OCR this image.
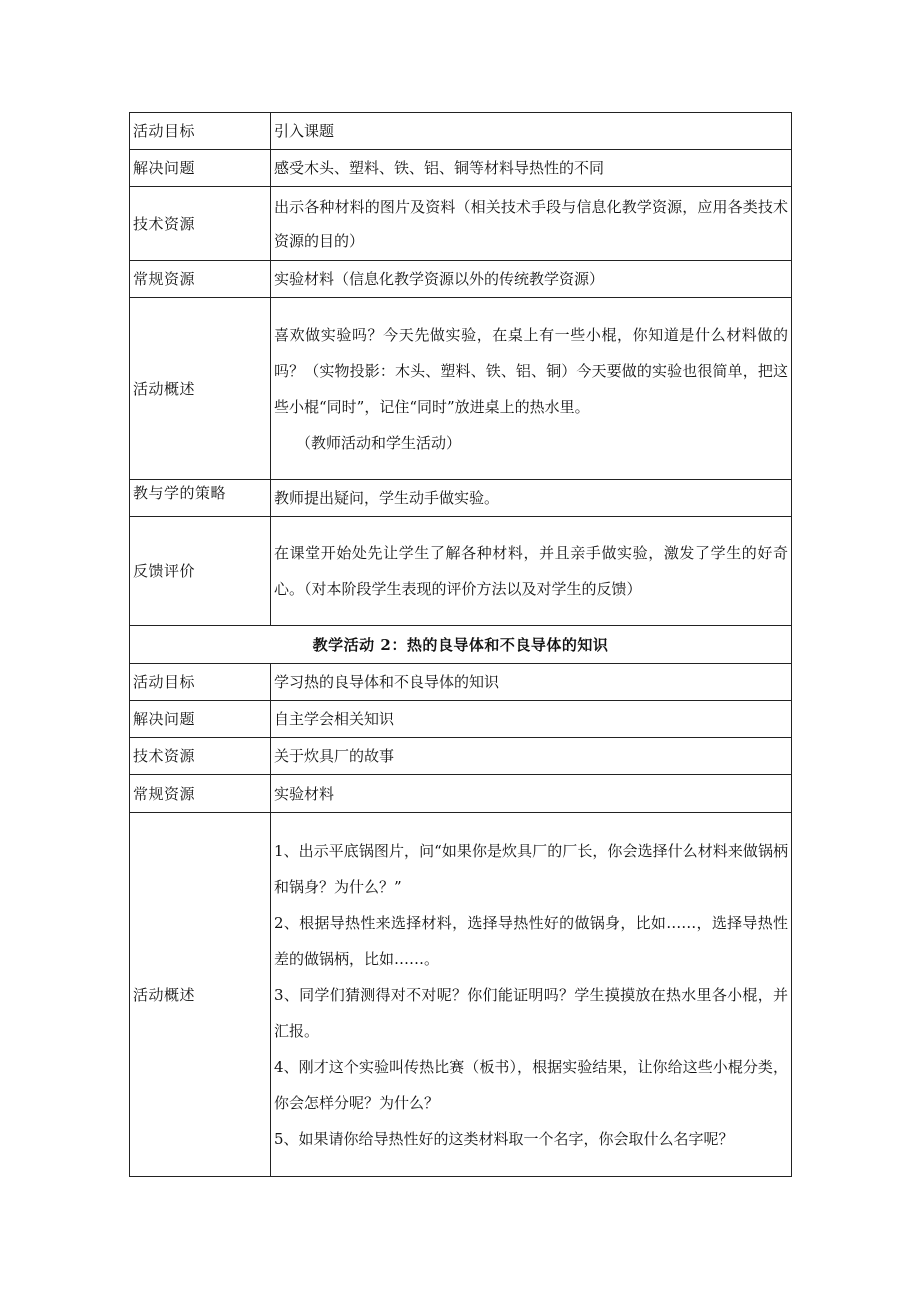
活动目标	引入课题
解决问题	感受木头、塑料、铁、铝、铜等材料导热性的不同
技术资源	出示各种材料的图片及资料（相关技术手段与信息化教学资源，应用各类技术资源的目的）
常规资源	实验材料（信息化教学资源以外的传统教学资源）
活动概述	喜欢做实验吗？今天先做实验，在桌上有一些小棍，你知道是什么材料做的吗？（实物投影：木头、塑料、铁、铝、铜）今天要做的实验也很简单，把这些小棍“同时”，记住“同时”放进桌上的热水里。

（教师活动和学生活动）

教与学的策略	教师提出疑问，学生动手做实验。
反馈评价	在课堂开始处先让学生了解各种材料，并且亲手做实验，激发了学生的好奇心。（对本阶段学生表现的评价方法以及对学生的反馈）

教学活动 2：热的良导体和不良导体的知识	
活动目标	学习热的良导体和不良导体的知识
解决问题	自主学会相关知识
技术资源	关于炊具厂的故事
常规资源	实验材料
活动概述	1、出示平底锅图片，问“如果你是炊具厂的厂长，你会选择什么材料来做锅柄和锅身？为什么？”

2、根据导热性来选择材料，选择导热性好的做锅身，比如……，选择导热性差的做锅柄，比如……。

3、同学们猜测得对不对呢？你们能证明吗？学生摸摸放在热水里各小棍，并汇报。

4、刚才这个实验叫传热比赛（板书），根据实验结果，让你给这些小棍分类，你会怎样分呢？为什么？

5、如果请你给导热性好的这类材料取一个名字，你会取什么名字呢？
